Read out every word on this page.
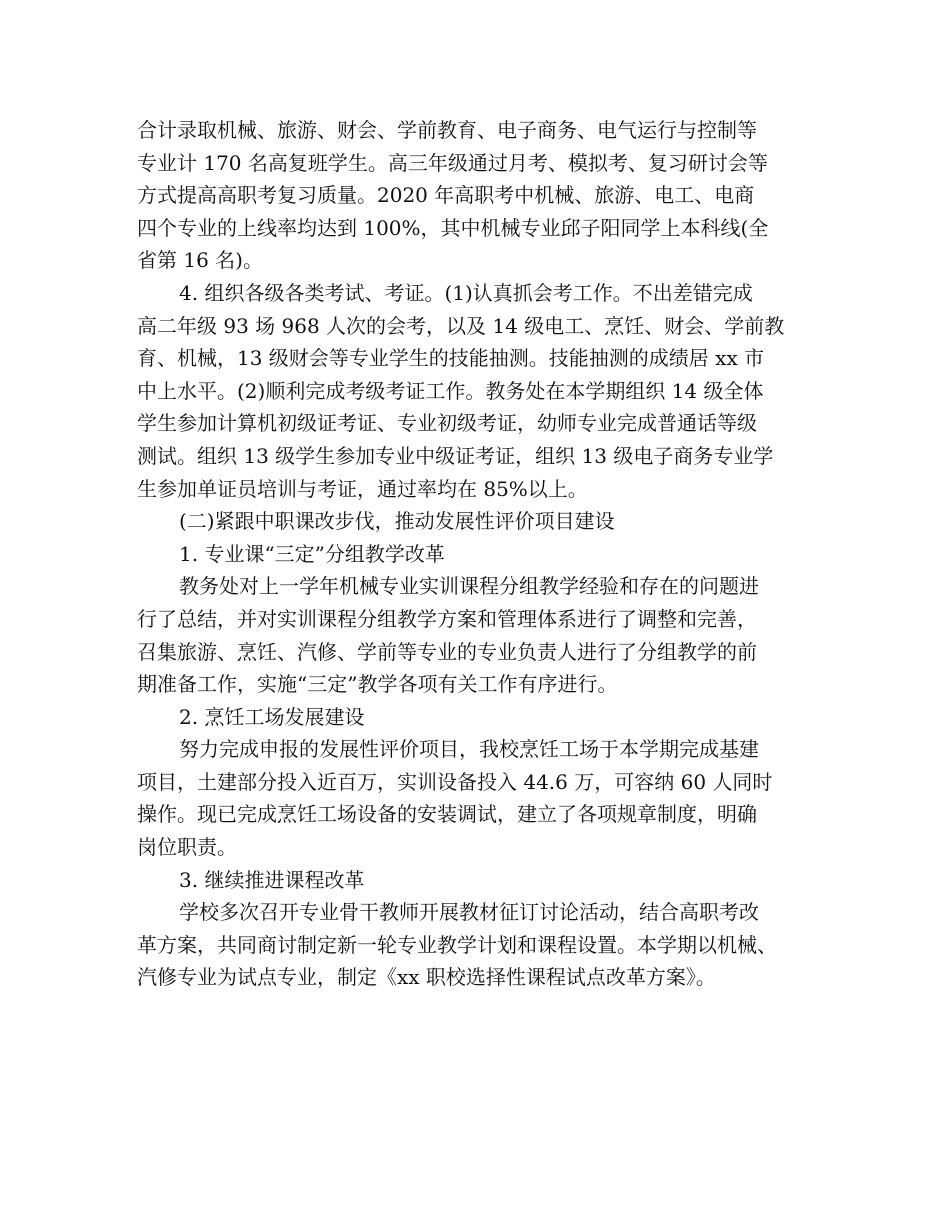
合计录取机械、旅游、财会、学前教育、电子商务、电气运行与控制等
专业计 170 名高复班学生。高三年级通过月考、模拟考、复习研讨会等
方式提高高职考复习质量。2020 年高职考中机械、旅游、电工、电商
四个专业的上线率均达到 100%，其中机械专业邱子阳同学上本科线(全
省第 16 名)。
4. 组织各级各类考试、考证。(1)认真抓会考工作。不出差错完成
高二年级 93 场 968 人次的会考，以及 14 级电工、烹饪、财会、学前教
育、机械，13 级财会等专业学生的技能抽测。技能抽测的成绩居 xx 市
中上水平。(2)顺利完成考级考证工作。教务处在本学期组织 14 级全体
学生参加计算机初级证考证、专业初级考证，幼师专业完成普通话等级
测试。组织 13 级学生参加专业中级证考证，组织 13 级电子商务专业学
生参加单证员培训与考证，通过率均在 85%以上。
(二)紧跟中职课改步伐，推动发展性评价项目建设
1. 专业课“三定”分组教学改革
教务处对上一学年机械专业实训课程分组教学经验和存在的问题进
行了总结，并对实训课程分组教学方案和管理体系进行了调整和完善，
召集旅游、烹饪、汽修、学前等专业的专业负责人进行了分组教学的前
期准备工作，实施“三定”教学各项有关工作有序进行。
2. 烹饪工场发展建设
努力完成申报的发展性评价项目，我校烹饪工场于本学期完成基建
项目，土建部分投入近百万，实训设备投入 44.6 万，可容纳 60 人同时
操作。现已完成烹饪工场设备的安装调试，建立了各项规章制度，明确
岗位职责。
3. 继续推进课程改革
学校多次召开专业骨干教师开展教材征订讨论活动，结合高职考改
革方案，共同商讨制定新一轮专业教学计划和课程设置。本学期以机械、
汽修专业为试点专业，制定《xx 职校选择性课程试点改革方案》。
